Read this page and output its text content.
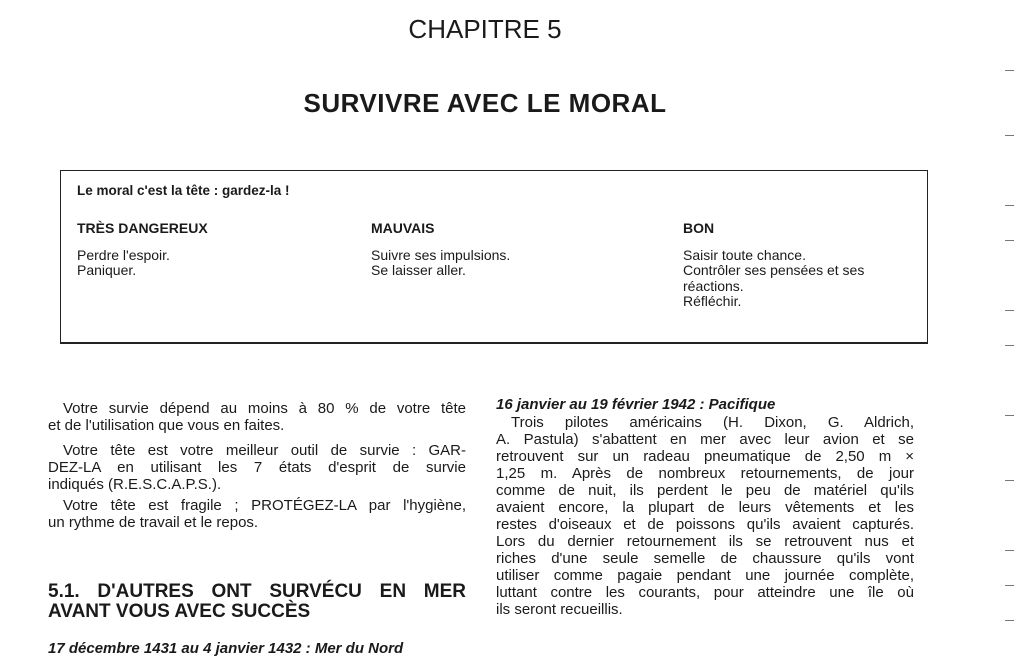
CHAPITRE 5
SURVIVRE AVEC LE MORAL
Le moral c'est la tête : gardez-la !
TRÈS DANGEREUX
Perdre l'espoir.
Paniquer.
MAUVAIS
Suivre ses impulsions.
Se laisser aller.
BON
Saisir toute chance.
Contrôler ses pensées et ses
réactions.
Réfléchir.

Votre survie dépend au moins à 80 % de votre tête
et de l'utilisation que vous en faites.

Votre tête est votre meilleur outil de survie : GAR-
DEZ-LA en utilisant les 7 états d'esprit de survie
indiqués (R.E.S.C.A.P.S.).
Votre tête est fragile ; PROTÉGEZ-LA par l'hygiène,
un rythme de travail et le repos.
5.1. D'AUTRES ONT SURVÉCU EN MER
AVANT VOUS AVEC SUCCÈS
17 décembre 1431 au 4 janvier 1432 : Mer du Nord
16 janvier au 19 février 1942 : Pacifique
Trois pilotes américains (H. Dixon, G. Aldrich,
A. Pastula) s'abattent en mer avec leur avion et se
retrouvent sur un radeau pneumatique de 2,50 m ×
1,25 m. Après de nombreux retournements, de jour
comme de nuit, ils perdent le peu de matériel qu'ils
avaient encore, la plupart de leurs vêtements et les
restes d'oiseaux et de poissons qu'ils avaient capturés.
Lors du dernier retournement ils se retrouvent nus et
riches d'une seule semelle de chaussure qu'ils vont
utiliser comme pagaie pendant une journée complète,
luttant contre les courants, pour atteindre une île où
ils seront recueillis.
